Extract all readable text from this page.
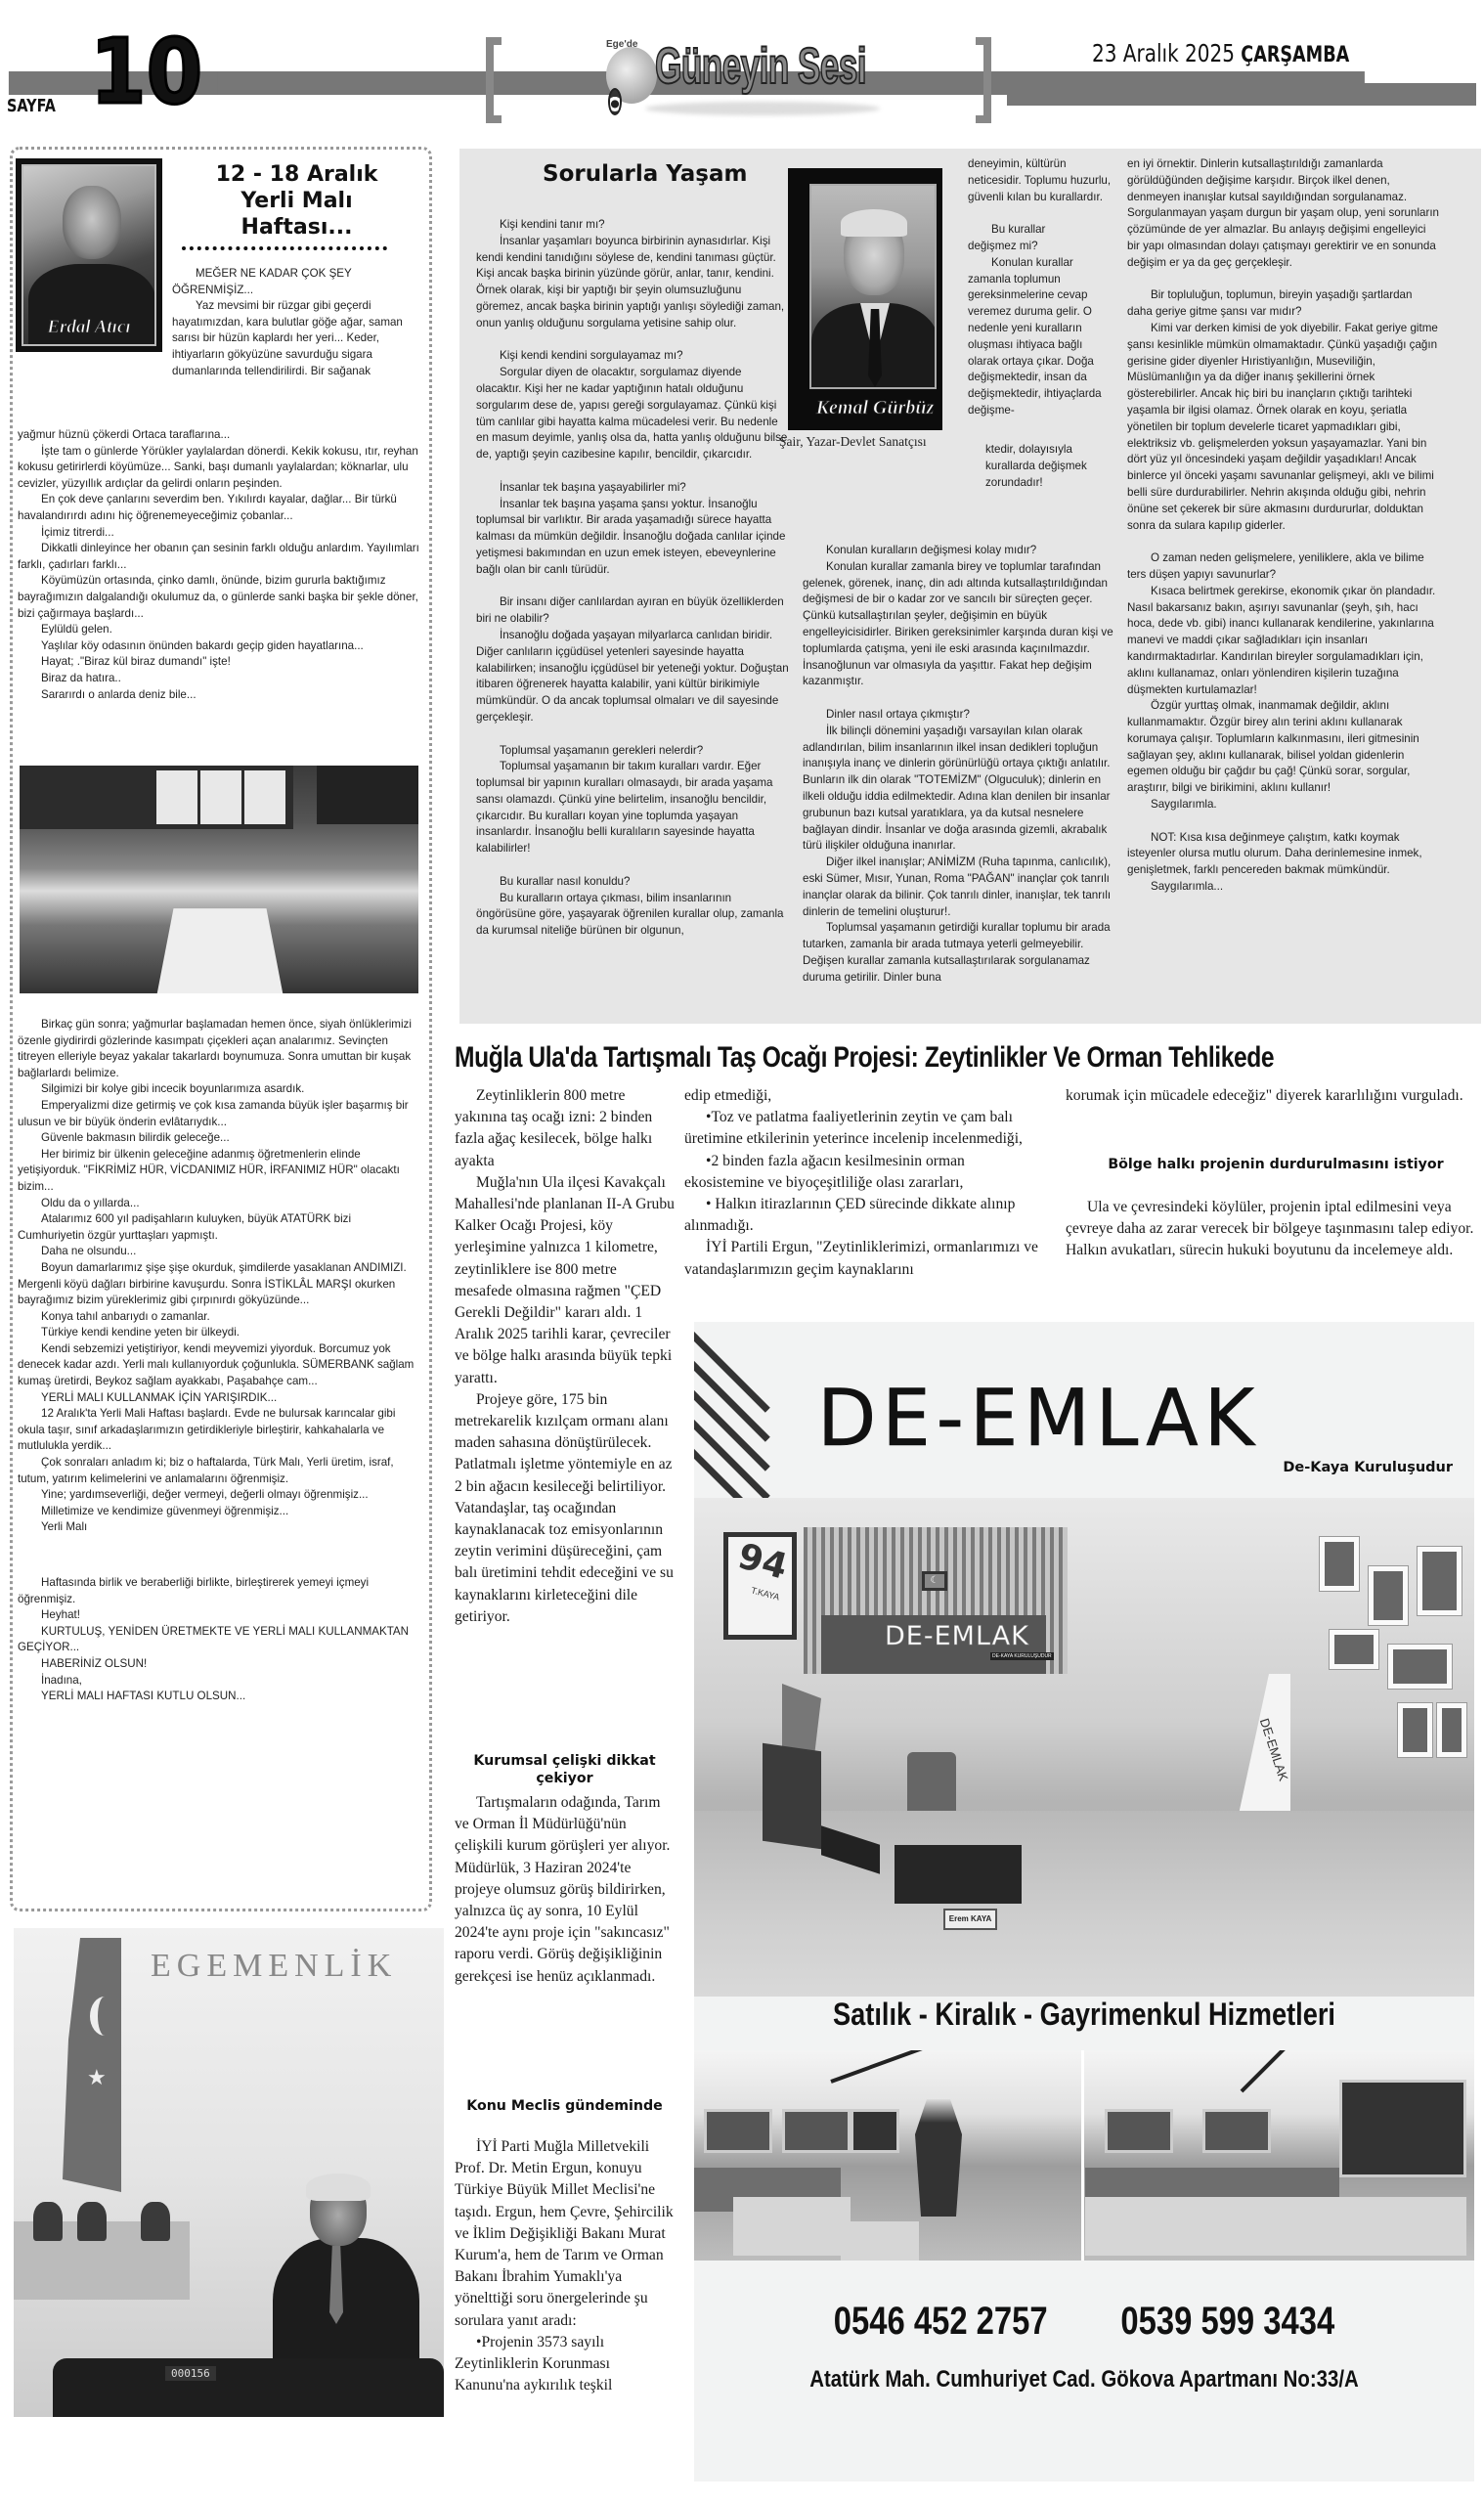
SAYFA 10	Ege'de Güneyin Sesi	23 Aralık 2025 ÇARŞAMBA
Erdal Atıcı
12 - 18 Aralık
Yerli Malı
Haftası...

MEĞER NE KADAR ÇOK ŞEY ÖĞRENMİŞİZ...

Yaz mevsimi bir rüzgar gibi geçerdi hayatımızdan, kara bulutlar göğe ağar, saman sarısı bir hüzün kaplardı her yeri... Keder, ihtiyarların gökyüzüne savurduğu sigara dumanlarında tellendirilirdi. Bir sağanak

yağmur hüznü çökerdi Ortaca taraflarına...

İşte tam o günlerde Yörükler yaylalardan dönerdi. Kekik kokusu, ıtır, reyhan kokusu getirirlerdi köyümüze... Sanki, başı dumanlı yaylalardan; köknarlar, ulu cevizler, yüzyıllık ardıçlar da gelirdi onların peşinden.

En çok deve çanlarını severdim ben. Yıkılırdı kayalar, dağlar... Bir türkü havalandırırdı adını hiç öğrenemeyeceğimiz çobanlar...

İçimiz titrerdi...

Dikkatli dinleyince her obanın çan sesinin farklı olduğu anlardım. Yayılımları farklı, çadırları farklı...

Köyümüzün ortasında, çinko damlı, önünde, bizim gururla baktığımız bayrağımızın dalgalandığı okulumuz da, o günlerde sanki başka bir şekle döner, bizi çağırmaya başlardı...

Eylüldü gelen.

Yaşlılar köy odasının önünden bakardı geçip giden hayatlarına...

Hayat; ."Biraz kül biraz dumandı" işte!

Biraz da hatıra..

Sararırdı o anlarda deniz bile...

Birkaç gün sonra; yağmurlar başlamadan hemen önce, siyah önlüklerimizi özenle giydirirdi gözlerinde kasımpatı çiçekleri açan analarımız. Sevinçten titreyen elleriyle beyaz yakalar takarlardı boynumuza. Sonra umuttan bir kuşak bağlarlardı belimize.

Silgimizi bir kolye gibi incecik boyunlarımıza asardık.

Emperyalizmi dize getirmiş ve çok kısa zamanda büyük işler başarmış bir ulusun ve bir büyük önderin evlâtarıydık...

Güvenle bakmasın bilirdik geleceğe...

Her birimiz bir ülkenin geleceğine adanmış öğretmenlerin elinde yetişiyorduk. "FİKRİMİZ HÜR, VİCDANIMIZ HÜR, İRFANIMIZ HÜR" olacaktı bizim...

Oldu da o yıllarda...

Atalarımız 600 yıl padişahların kuluyken, büyük ATATÜRK bizi Cumhuriyetin özgür yurttaşları yapmıştı.

Daha ne olsundu...

Boyun damarlarımız şişe şişe okurduk, şimdilerde yasaklanan ANDIMIZI. Mergenli köyü dağları birbirine kavuşurdu. Sonra İSTİKLÂL MARŞI okurken bayrağımız bizim yüreklerimiz gibi çırpınırdı gökyüzünde...

Konya tahıl anbarıydı o zamanlar.

Türkiye kendi kendine yeten bir ülkeydi.

Kendi sebzemizi yetiştiriyor, kendi meyvemizi yiyorduk. Borcumuz yok denecek kadar azdı. Yerli malı kullanıyorduk çoğunlukla. SÜMERBANK sağlam kumaş üretirdi, Beykoz sağlam ayakkabı, Paşabahçe cam...

YERLİ MALI KULLANMAK İÇİN YARIŞIRDIK...

12 Aralık'ta Yerli Mali Haftası başlardı. Evde ne bulursak karıncalar gibi okula taşır, sınıf arkadaşlarımızın getirdikleriyle birleştirir, kahkahalarla ve mutlulukla yerdik...

Çok sonraları anladım ki; biz o haftalarda, Türk Malı, Yerli üretim, israf, tutum, yatırım kelimelerini ve anlamalarını öğrenmişiz.

Yine; yardımseverliği, değer vermeyi, değerli olmayı öğrenmişiz...

Milletimize ve kendimize güvenmeyi öğrenmişiz...

Yerli Malı

Haftasında birlik ve beraberliği birlikte, birleştirerek yemeyi içmeyi öğrenmişiz.

Heyhat!

KURTULUŞ, YENİDEN ÜRETMEKTE VE YERLİ MALI KULLANMAKTAN GEÇİYOR...

HABERİNİZ OLSUN!

İnadına,

YERLİ MALI HAFTASI KUTLU OLSUN...

EGEMENLİK
★
000156
Sorularla Yaşam

Kişi kendini tanır mı?

İnsanlar yaşamları boyunca birbirinin aynasıdırlar. Kişi kendi kendini tanıdığını söylese de, kendini tanıması güçtür. Kişi ancak başka birinin yüzünde görür, anlar, tanır, kendini. Örnek olarak, kişi bir yaptığı bir şeyin olumsuzluğunu göremez, ancak başka birinin yaptığı yanlışı söylediği zaman, onun yanlış olduğunu sorgulama yetisine sahip olur.

Kişi kendi kendini sorgulayamaz mı?

Sorgular diyen de olacaktır, sorgulamaz diyende olacaktır. Kişi her ne kadar yaptığının hatalı olduğunu sorgularım dese de, yapısı gereği sorgulayamaz. Çünkü kişi tüm canlılar gibi hayatta kalma mücadelesi verir. Bu nedenle en masum deyimle, yanlış olsa da, hatta yanlış olduğunu bilse de, yaptığı şeyin cazibesine kapılır, bencildir, çıkarcıdır.

İnsanlar tek başına yaşayabilirler mi?

İnsanlar tek başına yaşama şansı yoktur. İnsanoğlu toplumsal bir varlıktır. Bir arada yaşamadığı sürece hayatta kalması da mümkün değildir. İnsanoğlu doğada canlılar içinde yetişmesi bakımından en uzun emek isteyen, ebeveynlerine bağlı olan bir canlı türüdür.

Bir insanı diğer canlılardan ayıran en büyük özelliklerden biri ne olabilir?

İnsanoğlu doğada yaşayan milyarlarca canlıdan biridir. Diğer canlıların içgüdüsel yetenleri sayesinde hayatta kalabilirken; insanoğlu içgüdüsel bir yeteneği yoktur. Doğuştan itibaren öğrenerek hayatta kalabilir, yani kültür birikimiyle mümkündür. O da ancak toplumsal olmaları ve dil sayesinde gerçekleşir.

Toplumsal yaşamanın gerekleri nelerdir?

Toplumsal yaşamanın bir takım kuralları vardır. Eğer toplumsal bir yapının kuralları olmasaydı, bir arada yaşama sansı olamazdı. Çünkü yine belirtelim, insanoğlu bencildir, çıkarcıdır. Bu kuralları koyan yine toplumda yaşayan insanlardır. İnsanoğlu belli kuralıların sayesinde hayatta kalabilirler!

Bu kurallar nasıl konuldu?

Bu kuralların ortaya çıkması, bilim insanlarının öngörüsüne göre, yaşayarak öğrenilen kurallar olup, zamanla da kurumsal niteliğe bürünen bir olgunun,

Kemal Gürbüz
Şair, Yazar-Devlet Sanatçısı

deneyimin, kültürün neticesidir. Toplumu huzurlu, güvenli kılan bu kurallardır.

Bu kurallar

değişmez mi?

Konulan kurallar

zamanla toplumun gereksinmelerine cevap veremez duruma gelir. O nedenle yeni kuralların oluşması ihtiyaca bağlı olarak ortaya çıkar. Doğa değişmektedir, insan da değişmektedir, ihtiyaçlarda değişme-

ktedir, dolayısıyla kurallarda değişmek zorundadır!

Konulan kuralların değişmesi kolay mıdır?

Konulan kurallar zamanla birey ve toplumlar tarafından gelenek, görenek, inanç, din adı altında kutsallaştırıldığından değişmesi de bir o kadar zor ve sancılı bir süreçten geçer. Çünkü kutsallaştırılan şeyler, değişimin en büyük engelleyicisidirler. Biriken gereksinimler karşında duran kişi ve toplumlarda çatışma, yeni ile eski arasında kaçınılmazdır. İnsanoğlunun var olmasıyla da yaşıttır. Fakat hep değişim kazanmıştır.

Dinler nasıl ortaya çıkmıştır?

İlk bilinçli dönemini yaşadığı varsayılan kılan olarak adlandırılan, bilim insanlarının ilkel insan dedikleri topluğun inanışıyla inanç ve dinlerin görünürlüğü ortaya çıktığı anlatılır. Bunların ilk din olarak "TOTEMİZM" (Olguculuk); dinlerin en ilkeli olduğu iddia edilmektedir. Adına klan denilen bir insanlar grubunun bazı kutsal yaratıklara, ya da kutsal nesnelere bağlayan dindir. İnsanlar ve doğa arasında gizemli, akrabalık türü ilişkiler olduğuna inanırlar.

Diğer ilkel inanışlar; ANİMİZM (Ruha tapınma, canlıcılık), eski Sümer, Mısır, Yunan, Roma "PAĞAN" inançlar çok tanrılı inançlar olarak da bilinir. Çok tanrılı dinler, inanışlar, tek tanrılı dinlerin de temelini oluşturur!.

Toplumsal yaşamanın getirdiği kurallar toplumu bir arada tutarken, zamanla bir arada tutmaya yeterli gelmeyebilir. Değişen kurallar zamanla kutsallaştırılarak sorgulanamaz duruma getirilir. Dinler buna

en iyi örnektir. Dinlerin kutsallaştırıldığı zamanlarda görüldüğünden değişime karşıdır. Birçok ilkel denen, denmeyen inanışlar kutsal sayıldığından sorgulanamaz. Sorgulanmayan yaşam durgun bir yaşam olup, yeni sorunların çözümünde de yer almazlar. Bu anlayış değişimi engelleyici bir yapı olmasından dolayı çatışmayı gerektirir ve en sonunda değişim er ya da geç gerçekleşir.

Bir topluluğun, toplumun, bireyin yaşadığı şartlardan daha geriye gitme şansı var mıdır?

Kimi var derken kimisi de yok diyebilir. Fakat geriye gitme şansı kesinlikle mümkün olmamaktadır. Çünkü yaşadığı çağın gerisine gider diyenler Hıristiyanlığın, Museviliğin, Müslümanlığın ya da diğer inanış şekillerini örnek gösterebilirler. Ancak hiç biri bu inançların çıktığı tarihteki yaşamla bir ilgisi olamaz. Örnek olarak en koyu, şeriatla yönetilen bir toplum develerle ticaret yapmadıkları gibi, elektriksiz vb. gelişmelerden yoksun yaşayamazlar. Yani bin dört yüz yıl öncesindeki yaşam değildir yaşadıkları! Ancak binlerce yıl önceki yaşamı savunanlar gelişmeyi, aklı ve bilimi belli süre durdurabilirler. Nehrin akışında olduğu gibi, nehrin önüne set çekerek bir süre akmasını durdururlar, dolduktan sonra da sulara kapılıp giderler.

O zaman neden gelişmelere, yeniliklere, akla ve bilime ters düşen yapıyı savunurlar?

Kısaca belirtmek gerekirse, ekonomik çıkar ön plandadır. Nasıl bakarsanız bakın, aşırıyı savunanlar (şeyh, şıh, hacı hoca, dede vb. gibi) inancı kullanarak kendilerine, yakınlarına manevi ve maddi çıkar sağladıkları için insanları kandırmaktadırlar. Kandırılan bireyler sorgulamadıkları için, aklını kullanamaz, onları yönlendiren kişilerin tuzağına düşmekten kurtulamazlar!

Özgür yurttaş olmak, inanmamak değildir, aklını kullanmamaktır. Özgür birey alın terini aklını kullanarak korumaya çalışır. Toplumların kalkınmasını, ileri gitmesinin sağlayan şey, aklını kullanarak, bilisel yoldan gidenlerin egemen olduğu bir çağdır bu çağ! Çünkü sorar, sorgular, araştırır, bilgi ve birikimini, aklını kullanır!

Saygılarımla.

NOT: Kısa kısa değinmeye çalıştım, katkı koymak isteyenler olursa mutlu olurum. Daha derinlemesine inmek, genişletmek, farklı pencereden bakmak mümkündür.

Saygılarımla...

Muğla Ula'da Tartışmalı Taş Ocağı Projesi: Zeytinlikler Ve Orman Tehlikede

Zeytinliklerin 800 metre yakınına taş ocağı izni: 2 binden fazla ağaç kesilecek, bölge halkı ayakta

Muğla'nın Ula ilçesi Kavakçalı Mahallesi'nde planlanan II-A Grubu Kalker Ocağı Projesi, köy yerleşimine yalnızca 1 kilometre, zeytinliklere ise 800 metre mesafede olmasına rağmen "ÇED Gerekli Değildir" kararı aldı. 1 Aralık 2025 tarihli karar, çevreciler ve bölge halkı arasında büyük tepki yarattı.

Projeye göre, 175 bin metrekarelik kızılçam ormanı alanı maden sahasına dönüştürülecek. Patlatmalı işletme yöntemiyle en az 2 bin ağacın kesileceği belirtiliyor. Vatandaşlar, taş ocağından kaynaklanacak toz emisyonlarının zeytin verimini düşüreceğini, çam balı üretimini tehdit edeceğini ve su kaynaklarını kirleteceğini dile getiriyor.

Kurumsal çelişki dikkat çekiyor

Tartışmaların odağında, Tarım ve Orman İl Müdürlüğü'nün çelişkili kurum görüşleri yer alıyor. Müdürlük, 3 Haziran 2024'te projeye olumsuz görüş bildirirken, yalnızca üç ay sonra, 10 Eylül 2024'te aynı proje için "sakıncasız" raporu verdi. Görüş değişikliğinin gerekçesi ise henüz açıklanmadı.

Konu Meclis gündeminde

İYİ Parti Muğla Milletvekili Prof. Dr. Metin Ergun, konuyu Türkiye Büyük Millet Meclisi'ne taşıdı. Ergun, hem Çevre, Şehircilik ve İklim Değişikliği Bakanı Murat Kurum'a, hem de Tarım ve Orman Bakanı İbrahim Yumaklı'ya yönelttiği soru önergelerinde şu sorulara yanıt aradı:

•Projenin 3573 sayılı Zeytinliklerin Korunması Kanunu'na aykırılık teşkil

edip etmediği,

•Toz ve patlatma faaliyetlerinin zeytin ve çam balı üretimine etkilerinin yeterince incelenip incelenmediği,

•2 binden fazla ağacın kesilmesinin orman ekosistemine ve biyoçeşitliliğe olası zararları,

• Halkın itirazlarının ÇED sürecinde dikkate alınıp alınmadığı.

İYİ Partili Ergun, "Zeytinliklerimizi, ormanlarımızı ve vatandaşlarımızın geçim kaynaklarını

korumak için mücadele edeceğiz" diyerek kararlılığını vurguladı.

Bölge halkı projenin durdurulmasını istiyor

Ula ve çevresindeki köylüler, projenin iptal edilmesini veya çevreye daha az zarar verecek bir bölgeye taşınmasını talep ediyor. Halkın avukatları, sürecin hukuki boyutunu da incelemeye aldı.

DE-EMLAK
De-Kaya Kuruluşudur
94
T.KAYA
☾
DE-EMLAK
DE-KAYA KURULUŞUDUR
DE-EMLAK
Erem KAYA
Satılık - Kiralık - Gayrimenkul Hizmetleri
0546 452 2757 0539 599 3434
Atatürk Mah. Cumhuriyet Cad. Gökova Apartmanı No:33/A
